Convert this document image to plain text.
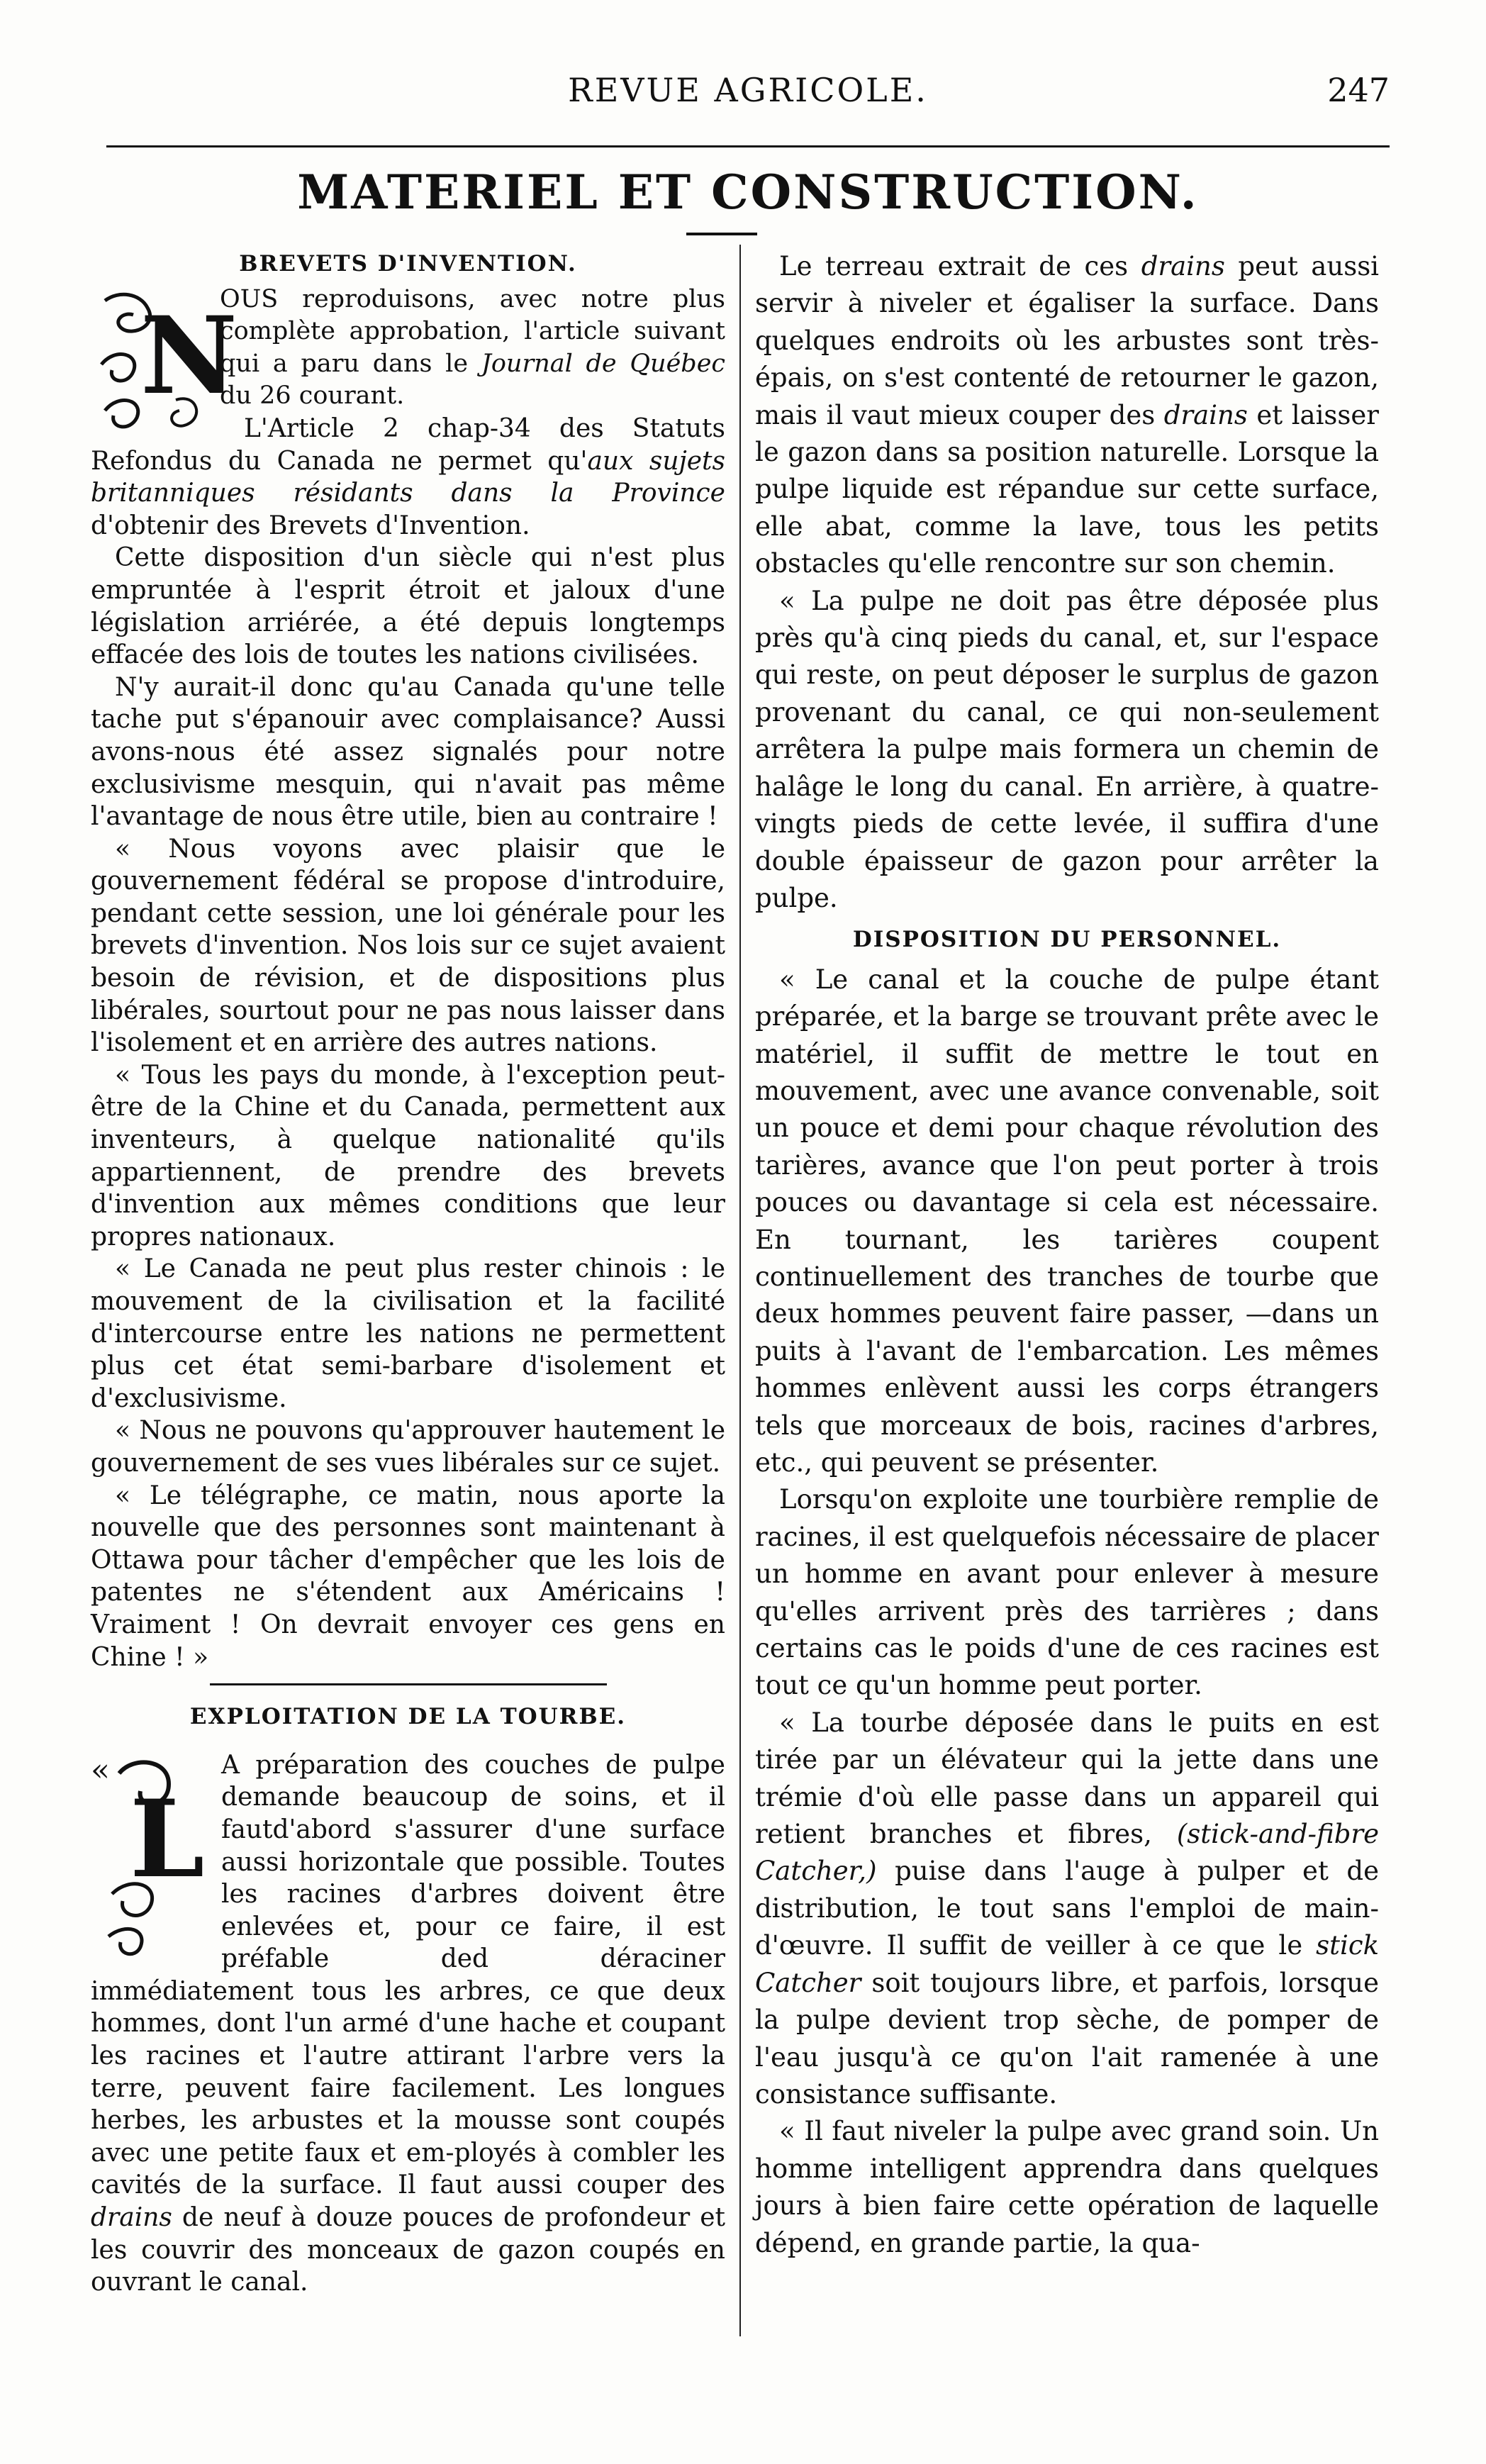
REVUE AGRICOLE.	247
MATERIEL ET CONSTRUCTION.
BREVETS D'INVENTION.
N

OUS reproduisons, avec notre plus complète approbation, l'article suivant qui a paru dans le Journal de Québec du 26 courant.

L'Article 2 chap-34 des Statuts Refondus du Canada ne permet qu'aux sujets britanniques résidants dans la Province d'obtenir des Brevets d'Invention.

Cette disposition d'un siècle qui n'est plus empruntée à l'esprit étroit et jaloux d'une législation arriérée, a été depuis longtemps effacée des lois de toutes les nations civilisées.

N'y aurait-il donc qu'au Canada qu'une telle tache put s'épanouir avec complaisance? Aussi avons-nous été assez signalés pour notre exclusivisme mesquin, qui n'avait pas même l'avantage de nous être utile, bien au contraire !

« Nous voyons avec plaisir que le gouvernement fédéral se propose d'introduire, pendant cette session, une loi générale pour les brevets d'invention. Nos lois sur ce sujet avaient besoin de révision, et de dispositions plus libérales, sourtout pour ne pas nous laisser dans l'isolement et en arrière des autres nations.

« Tous les pays du monde, à l'exception peut-être de la Chine et du Canada, permettent aux inventeurs, à quelque nationalité qu'ils appartiennent, de prendre des brevets d'invention aux mêmes conditions que leur propres nationaux.

« Le Canada ne peut plus rester chinois : le mouvement de la civilisation et la facilité d'intercourse entre les nations ne permettent plus cet état semi-barbare d'isolement et d'exclusivisme.

« Nous ne pouvons qu'approuver hautement le gouvernement de ses vues libérales sur ce sujet.

« Le télégraphe, ce matin, nous aporte la nouvelle que des personnes sont maintenant à Ottawa pour tâcher d'empêcher que les lois de patentes ne s'étendent aux Américains ! Vraiment ! On devrait envoyer ces gens en Chine ! »

EXPLOITATION DE LA TOURBE.
«
L

A préparation des couches de pulpe demande beaucoup de soins, et il fautd'abord s'assurer d'une surface aussi horizontale que possible. Toutes les racines d'arbres doivent être enlevées et, pour ce faire, il est préfable ded déraciner immédiatement tous les arbres, ce que deux hommes, dont l'un armé d'une hache et coupant les racines et l'autre attirant l'arbre vers la terre, peuvent faire facilement. Les longues herbes, les arbustes et la mousse sont coupés avec une petite faux et em-ployés à combler les cavités de la surface. Il faut aussi couper des drains de neuf à douze pouces de profondeur et les couvrir des monceaux de gazon coupés en ouvrant le canal.

Le terreau extrait de ces drains peut aussi servir à niveler et égaliser la surface. Dans quelques endroits où les arbustes sont très-épais, on s'est contenté de retourner le gazon, mais il vaut mieux couper des drains et laisser le gazon dans sa position naturelle. Lorsque la pulpe liquide est répandue sur cette surface, elle abat, comme la lave, tous les petits obstacles qu'elle rencontre sur son chemin.

« La pulpe ne doit pas être déposée plus près qu'à cinq pieds du canal, et, sur l'espace qui reste, on peut déposer le surplus de gazon provenant du canal, ce qui non-seulement arrêtera la pulpe mais formera un chemin de halâge le long du canal. En arrière, à quatre-vingts pieds de cette levée, il suffira d'une double épaisseur de gazon pour arrêter la pulpe.

DISPOSITION DU PERSONNEL.

« Le canal et la couche de pulpe étant préparée, et la barge se trouvant prête avec le matériel, il suffit de mettre le tout en mouvement, avec une avance convenable, soit un pouce et demi pour chaque révolution des tarières, avance que l'on peut porter à trois pouces ou davantage si cela est nécessaire. En tournant, les tarières coupent continuellement des tranches de tourbe que deux hommes peuvent faire passer, —dans un puits à l'avant de l'embarcation. Les mêmes hommes enlèvent aussi les corps étrangers tels que morceaux de bois, racines d'arbres, etc., qui peuvent se présenter.

Lorsqu'on exploite une tourbière remplie de racines, il est quelquefois nécessaire de placer un homme en avant pour enlever à mesure qu'elles arrivent près des tarrières ; dans certains cas le poids d'une de ces racines est tout ce qu'un homme peut porter.

« La tourbe déposée dans le puits en est tirée par un élévateur qui la jette dans une trémie d'où elle passe dans un appareil qui retient branches et fibres, (stick-and-fibre Catcher,) puise dans l'auge à pulper et de distribution, le tout sans l'emploi de main-d'œuvre. Il suffit de veiller à ce que le stick Catcher soit toujours libre, et parfois, lorsque la pulpe devient trop sèche, de pomper de l'eau jusqu'à ce qu'on l'ait ramenée à une consistance suffisante.

« Il faut niveler la pulpe avec grand soin. Un homme intelligent apprendra dans quelques jours à bien faire cette opération de laquelle dépend, en grande partie, la qua-
